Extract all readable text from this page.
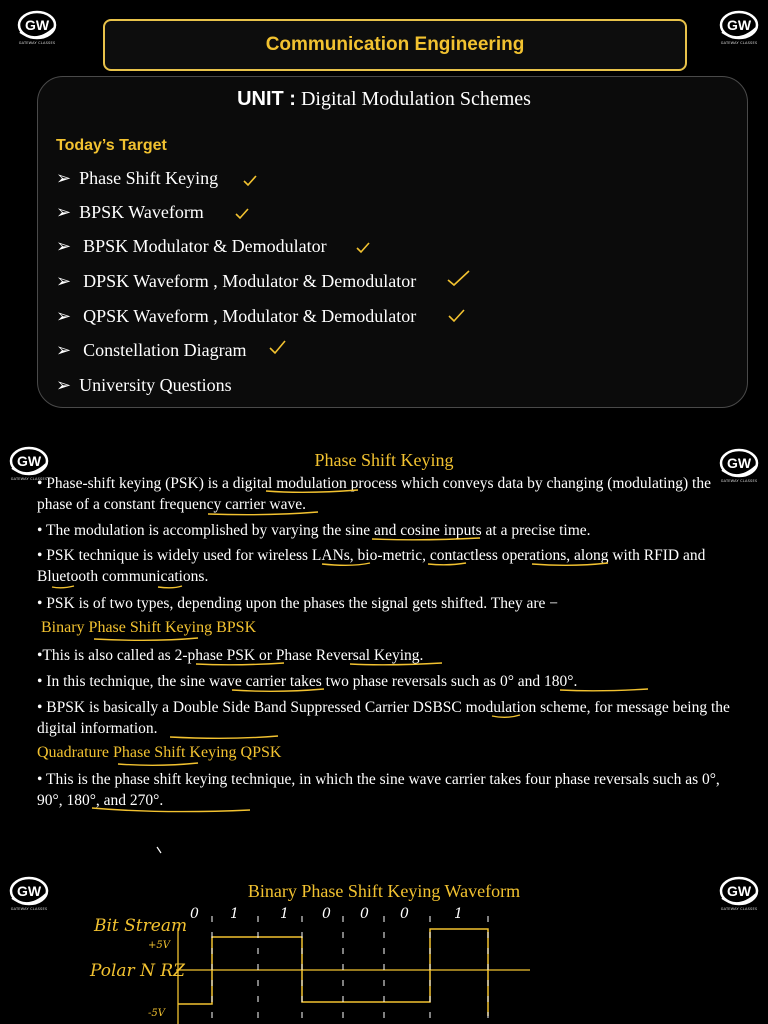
GW
GATEWAY CLASSES
GW
GATEWAY CLASSES
Communication Engineering
UNIT : Digital Modulation Schemes
Today’s Target
➢ Phase Shift Keying
➢ BPSK Waveform
➢ BPSK Modulator & Demodulator
➢ DPSK Waveform , Modulator & Demodulator
➢ QPSK Waveform , Modulator & Demodulator
➢ Constellation Diagram
➢ University Questions
GW
GATEWAY CLASSES
GW
GATEWAY CLASSES
Phase Shift Keying
• Phase-shift keying (PSK) is a digital modulation process which conveys data by changing (modulating) the phase of a constant frequency carrier wave.
• The modulation is accomplished by varying the sine and cosine inputs at a precise time.
• PSK technique is widely used for wireless LANs, bio-metric, contactless operations, along with RFID and Bluetooth communications.
• PSK is of two types, depending upon the phases the signal gets shifted. They are −
Binary Phase Shift Keying BPSK
•This is also called as 2-phase PSK or Phase Reversal Keying.
• In this technique, the sine wave carrier takes two phase reversals such as 0° and 180°.
• BPSK is basically a Double Side Band Suppressed Carrier DSBSC modulation scheme, for message being the digital information.
Quadrature Phase Shift Keying QPSK
• This is the phase shift keying technique, in which the sine wave carrier takes four phase reversals such as 0°, 90°, 180°, and 270°.
GW
GATEWAY CLASSES
GW
GATEWAY CLASSES
Binary Phase Shift Keying Waveform
Bit Stream
0 1	1 0 0 0	1
+5V
Polar N RZ
-5V
